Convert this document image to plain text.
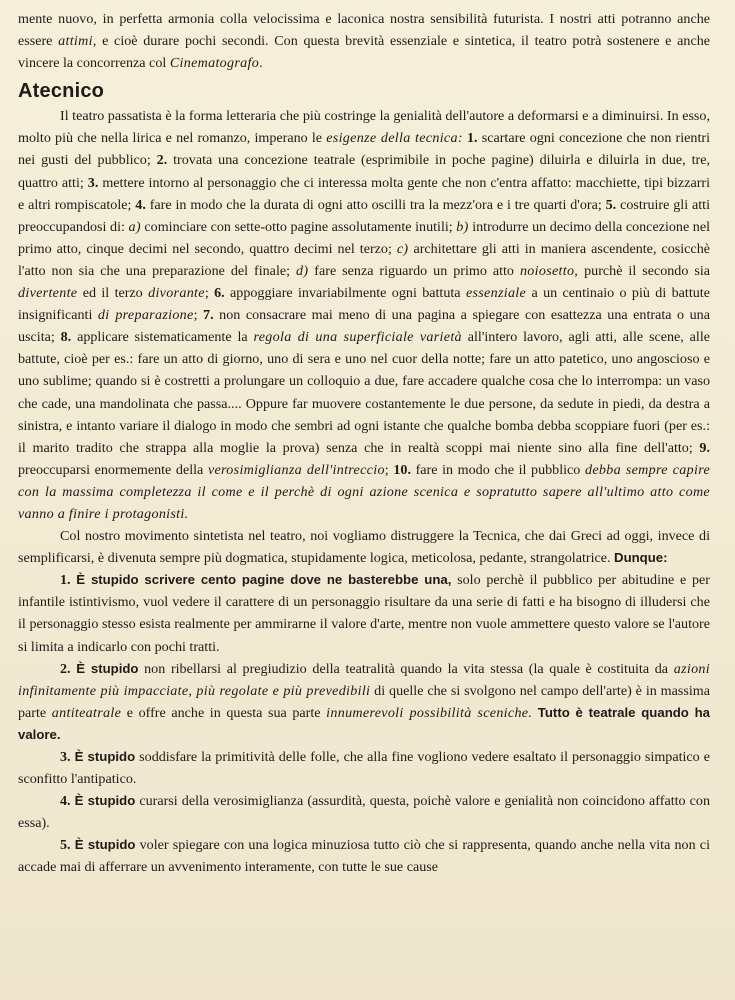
mente nuovo, in perfetta armonia colla velocissima e laconica nostra sensibilità futurista. I nostri atti potranno anche essere attimi, e cioè durare pochi secondi. Con questa brevità essenziale e sintetica, il teatro potrà sostenere e anche vincere la concorrenza col Cinematografo.

Atecnico

Il teatro passatista è la forma letteraria che più costringe la genialità dell'autore a deformarsi e a diminuirsi. In esso, molto più che nella lirica e nel romanzo, imperano le esigenze della tecnica: 1. scartare ogni concezione che non rientri nei gusti del pubblico; 2. trovata una concezione teatrale (esprimibile in poche pagine) diluirla e diluirla in due, tre, quattro atti; 3. mettere intorno al personaggio che ci interessa molta gente che non c'entra affatto: macchiette, tipi bizzarri e altri rompiscatole; 4. fare in modo che la durata di ogni atto oscilli tra la mezz'ora e i tre quarti d'ora; 5. costruire gli atti preoccupandosi di: a) cominciare con sette-otto pagine assolutamente inutili; b) introdurre un decimo della concezione nel primo atto, cinque decimi nel secondo, quattro decimi nel terzo; c) architettare gli atti in maniera ascendente, cosicchè l'atto non sia che una preparazione del finale; d) fare senza riguardo un primo atto noiosetto, purchè il secondo sia divertente ed il terzo divorante; 6. appoggiare invariabilmente ogni battuta essenziale a un centinaio o più di battute insignificanti di preparazione; 7. non consacrare mai meno di una pagina a spiegare con esattezza una entrata o una uscita; 8. applicare sistematicamente la regola di una superficiale varietà all'intero lavoro, agli atti, alle scene, alle battute, cioè per es.: fare un atto di giorno, uno di sera e uno nel cuor della notte; fare un atto patetico, uno angoscioso e uno sublime; quando si è costretti a prolungare un colloquio a due, fare accadere qualche cosa che lo interrompa: un vaso che cade, una mandolinata che passa.... Oppure far muovere costantemente le due persone, da sedute in piedi, da destra a sinistra, e intanto variare il dialogo in modo che sembri ad ogni istante che qualche bomba debba scoppiare fuori (per es.: il marito tradito che strappa alla moglie la prova) senza che in realtà scoppi mai niente sino alla fine dell'atto; 9. preoccuparsi enormemente della verosimiglianza dell'intreccio; 10. fare in modo che il pubblico debba sempre capire con la massima completezza il come e il perchè di ogni azione scenica e sopratutto sapere all'ultimo atto come vanno a finire i protagonisti.

Col nostro movimento sintetista nel teatro, noi vogliamo distruggere la Tecnica, che dai Greci ad oggi, invece di semplificarsi, è divenuta sempre più dogmatica, stupidamente logica, meticolosa, pedante, strangolatrice. Dunque:

1. È stupido scrivere cento pagine dove ne basterebbe una, solo perchè il pubblico per abitudine e per infantile istintivismo, vuol vedere il carattere di un personaggio risultare da una serie di fatti e ha bisogno di illudersi che il personaggio stesso esista realmente per ammirarne il valore d'arte, mentre non vuole ammettere questo valore se l'autore si limita a indicarlo con pochi tratti.

2. È stupido non ribellarsi al pregiudizio della teatralità quando la vita stessa (la quale è costituita da azioni infinitamente più impacciate, più regolate e più prevedibili di quelle che si svolgono nel campo dell'arte) è in massima parte antiteatrale e offre anche in questa sua parte innumerevoli possibilità sceniche. Tutto è teatrale quando ha valore.

3. È stupido soddisfare la primitività delle folle, che alla fine vogliono vedere esaltato il personaggio simpatico e sconfitto l'antipatico.

4. È stupido curarsi della verosimiglianza (assurdità, questa, poichè valore e genialità non coincidono affatto con essa).

5. È stupido voler spiegare con una logica minuziosa tutto ciò che si rappresenta, quando anche nella vita non ci accade mai di afferrare un avvenimento interamente, con tutte le sue cause
